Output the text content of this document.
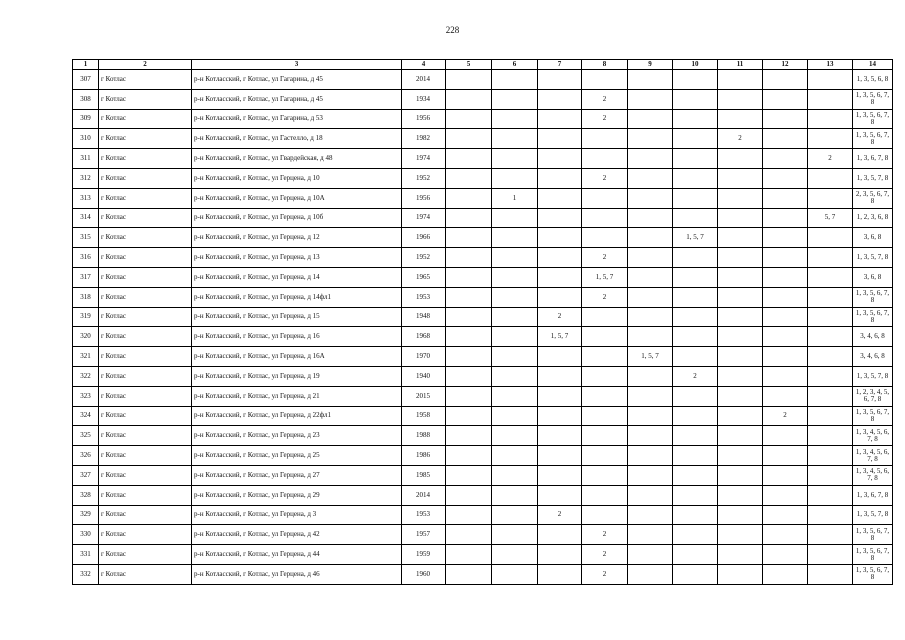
228
1	2	3	4	5	6	7	8	9	10	11	12	13	14
307	г Котлас	р-н Котласский, г Котлас, ул Гагарина, д 45	2014										1, 3, 5, 6, 8
308	г Котлас	р-н Котласский, г Котлас, ул Гагарина, д 45	1934				2						1, 3, 5, 6, 7, 8
309	г Котлас	р-н Котласский, г Котлас, ул Гагарина, д 53	1956				2						1, 3, 5, 6, 7, 8
310	г Котлас	р-н Котласский, г Котлас, ул Гастелло, д 18	1982							2			1, 3, 5, 6, 7, 8
311	г Котлас	р-н Котласский, г Котлас, ул Гвардейская, д 48	1974									2	1, 3, 6, 7, 8
312	г Котлас	р-н Котласский, г Котлас, ул Герцена, д 10	1952				2						1, 3, 5, 7, 8
313	г Котлас	р-н Котласский, г Котлас, ул Герцена, д 10А	1956		1								2, 3, 5, 6, 7, 8
314	г Котлас	р-н Котласский, г Котлас, ул Герцена, д 10б	1974									5, 7	1, 2, 3, 6, 8
315	г Котлас	р-н Котласский, г Котлас, ул Герцена, д 12	1966						1, 5, 7				3, 6, 8
316	г Котлас	р-н Котласский, г Котлас, ул Герцена, д 13	1952				2						1, 3, 5, 7, 8
317	г Котлас	р-н Котласский, г Котлас, ул Герцена, д 14	1965				1, 5, 7						3, 6, 8
318	г Котлас	р-н Котласский, г Котлас, ул Герцена, д 14фл1	1953				2						1, 3, 5, 6, 7, 8
319	г Котлас	р-н Котласский, г Котлас, ул Герцена, д 15	1948			2							1, 3, 5, 6, 7, 8
320	г Котлас	р-н Котласский, г Котлас, ул Герцена, д 16	1968			1, 5, 7							3, 4, 6, 8
321	г Котлас	р-н Котласский, г Котлас, ул Герцена, д 16А	1970					1, 5, 7					3, 4, 6, 8
322	г Котлас	р-н Котласский, г Котлас, ул Герцена, д 19	1940						2				1, 3, 5, 7, 8
323	г Котлас	р-н Котласский, г Котлас, ул Герцена, д 21	2015										1, 2, 3, 4, 5, 6, 7, 8
324	г Котлас	р-н Котласский, г Котлас, ул Герцена, д 22фл1	1958								2		1, 3, 5, 6, 7, 8
325	г Котлас	р-н Котласский, г Котлас, ул Герцена, д 23	1988										1, 3, 4, 5, 6, 7, 8
326	г Котлас	р-н Котласский, г Котлас, ул Герцена, д 25	1986										1, 3, 4, 5, 6, 7, 8
327	г Котлас	р-н Котласский, г Котлас, ул Герцена, д 27	1985										1, 3, 4, 5, 6, 7, 8
328	г Котлас	р-н Котласский, г Котлас, ул Герцена, д 29	2014										1, 3, 6, 7, 8
329	г Котлас	р-н Котласский, г Котлас, ул Герцена, д 3	1953			2							1, 3, 5, 7, 8
330	г Котлас	р-н Котласский, г Котлас, ул Герцена, д 42	1957				2						1, 3, 5, 6, 7, 8
331	г Котлас	р-н Котласский, г Котлас, ул Герцена, д 44	1959				2						1, 3, 5, 6, 7, 8
332	г Котлас	р-н Котласский, г Котлас, ул Герцена, д 46	1960				2						1, 3, 5, 6, 7, 8
